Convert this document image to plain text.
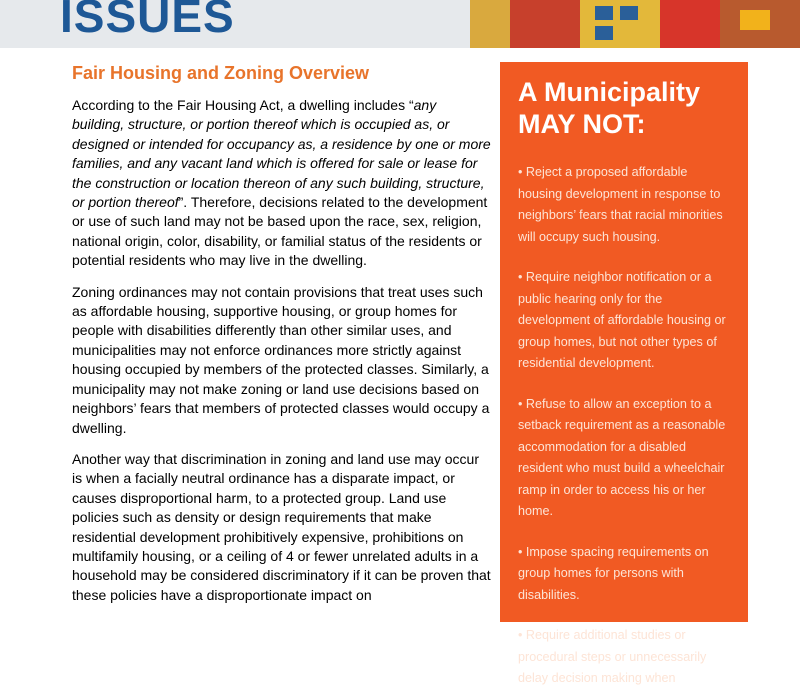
ISSUES
Fair Housing and Zoning Overview

According to the Fair Housing Act, a dwelling includes “any building, structure, or portion thereof which is occupied as, or designed or intended for occupancy as, a residence by one or more families, and any vacant land which is offered for sale or lease for the construction or location thereon of any such building, structure, or portion thereof”. Therefore, decisions related to the development or use of such land may not be based upon the race, sex, religion, national origin, color, disability, or familial status of the residents or potential residents who may live in the dwelling.

Zoning ordinances may not contain provisions that treat uses such as affordable housing, supportive housing, or group homes for people with disabilities differently than other similar uses, and municipalities may not enforce ordinances more strictly against housing occupied by members of the protected classes. Similarly, a municipality may not make zoning or land use decisions based on neighbors’ fears that members of protected classes would occupy a dwelling.

Another way that discrimination in zoning and land use may occur is when a facially neutral ordinance has a disparate impact, or causes disproportional harm, to a protected group. Land use policies such as density or design requirements that make residential development prohibitively expensive, prohibitions on multifamily housing, or a ceiling of 4 or fewer unrelated adults in a household may be considered discriminatory if it can be proven that these policies have a disproportionate impact on

A Municipality
MAY NOT:
• Reject a proposed affordable housing development in response to neighbors’ fears that racial minorities will occupy such housing.
• Require neighbor notification or a public hearing only for the development of affordable housing or group homes, but not other types of residential development.
• Refuse to allow an exception to a setback requirement as a reasonable accommodation for a disabled resident who must build a wheelchair ramp in order to access his or her home.
• Impose spacing requirements on group homes for persons with disabilities.
• Require additional studies or procedural steps or unnecessarily delay decision making when
